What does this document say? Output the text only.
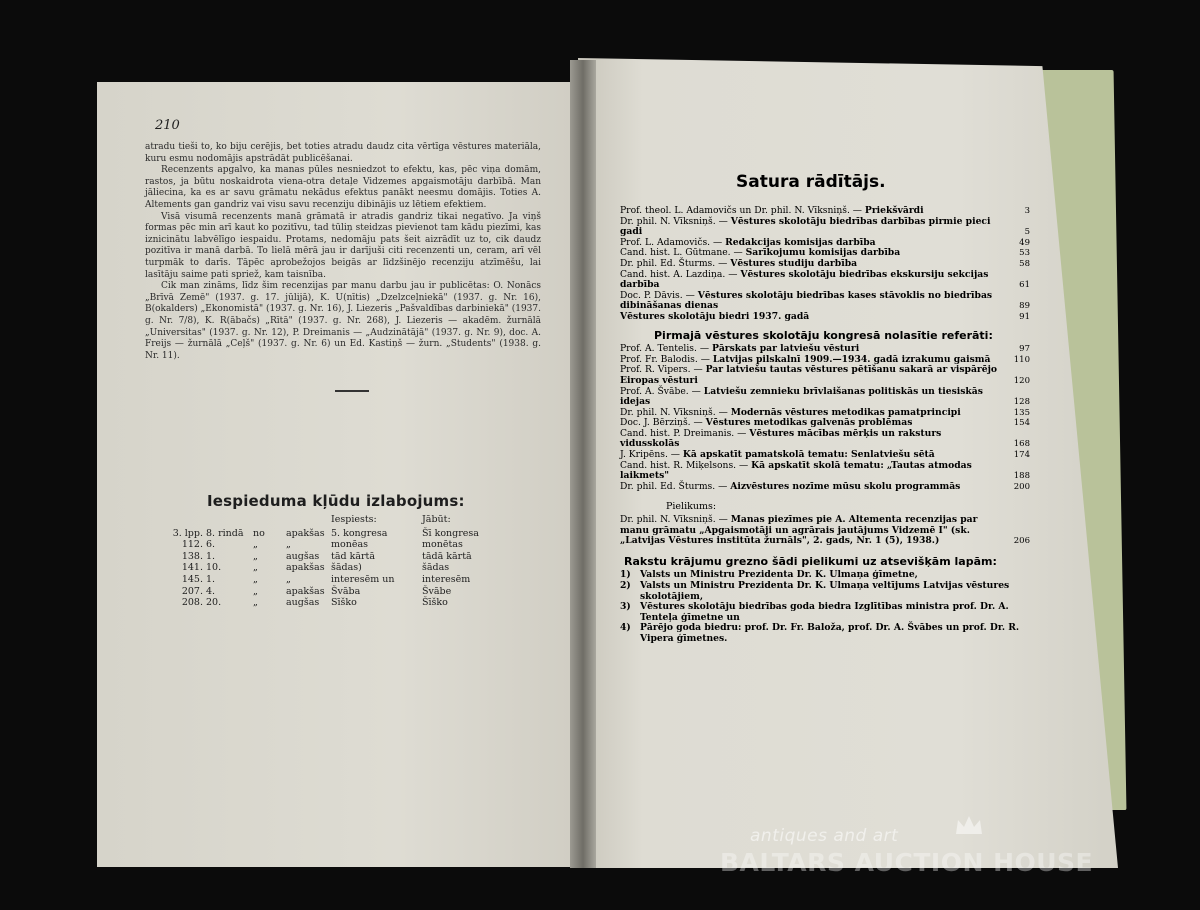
210

atradu tieši to, ko biju cerējis, bet toties atradu daudz cita vērtīga vēstures materiāla, kuru esmu nodomājis apstrādāt publicēšanai.

Recenzents apgalvo, ka manas pūles nesniedzot to efektu, kas, pēc viņa domām, rastos, ja būtu noskaidrota viena-otra detaļe Vidzemes apgaismotāju darbībā. Man jāliecina, ka es ar savu grāmatu nekādus efektus panākt neesmu domājis. Toties A. Altements gan gandriz vai visu savu recenziju dibinājis uz lētiem efektiem.

Visā visumā recenzents manā grāmatā ir atradis gandriz tikai negatīvo. Ja viņš formas pēc min arī kaut ko pozitīvu, tad tūliņ steidzas pievienot tam kādu piezīmi, kas iznicinātu labvēlīgo iespaidu. Protams, nedomāju pats šeit aizrādīt uz to, cik daudz pozitīva ir manā darbā. To lielā mērā jau ir darījuši citi recenzenti un, ceram, arī vēl turpmāk to darīs. Tāpēc aprobežojos beigās ar līdzšinējo recenziju atzīmēšu, lai lasītāju saime pati spriež, kam taisnība.

Cik man zināms, līdz šim recenzijas par manu darbu jau ir publicētas: O. Nonācs „Brīvā Zemē" (1937. g. 17. jūlijā), K. U(nītis) „Dzelzceļniekā" (1937. g. Nr. 16), B(okalders) „Ekonomistā" (1937. g. Nr. 16), J. Liezeris „Pašvaldības darbiniekā" (1937. g. Nr. 7/8), K. R(ābačs) „Rītā" (1937. g. Nr. 268), J. Liezeris — akadēm. žurnālā „Universitas" (1937. g. Nr. 12), P. Dreimanis — „Audzinātājā" (1937. g. Nr. 9), doc. A. Freijs — žurnālā „Ceļš" (1937. g. Nr. 6) un Ed. Kastiņš — žurn. „Students" (1938. g. Nr. 11).

Iespieduma kļūdu izlabojums:
				Iespiests:	Jābūt:
3. lpp.	8. rindā	no	apakšas	5. kongresa	Šī kongresa
112.	6.	„	„	monēas	monētas
138.	1.	„	augšas	tād kārtā	tādā kārtā
141.	10.	„	apakšas	šādas)	šādas
145.	1.	„	„	interesēm un	interesēm
207.	4.	„	apakšas	Švāba	Švābe
208.	20.	„	augšas	Sīško	Šīško
Satura rādītājs.
Prof. theol. L. Adamovičs un Dr. phil. N. Vīksniņš. — Priekšvārdi	3
Dr. phil. N. Vīksniņš. — Vēstures skolotāju biedrības darbības pirmie pieci gadi	5
Prof. L. Adamovičs. — Redakcijas komisijas darbība	49
Cand. hist. L. Gūtmane. — Sarīkojumu komisijas darbība	53
Dr. phil. Ed. Šturms. — Vēstures studiju darbība	58
Cand. hist. A. Lazdiņa. — Vēstures skolotāju biedrības ekskursiju sekcijas darbība	61
Doc. P. Dāvis. — Vēstures skolotāju biedrības kases stāvoklis no biedrības dibināšanas dienas	89
Vēstures skolotāju biedri 1937. gadā	91
Pirmajā vēstures skolotāju kongresā nolasītie referāti:
Prof. A. Tentelis. — Pārskats par latviešu vēsturi	97
Prof. Fr. Balodis. — Latvijas pilskalnī 1909.—1934. gadā izrakumu gaismā	110
Prof. R. Vipers. — Par latviešu tautas vēstures pētīšanu sakarā ar vispārējo Eiropas vēsturi	120
Prof. A. Švābe. — Latviešu zemnieku brīvlaišanas politiskās un tiesiskās idejas	128
Dr. phil. N. Vīksniņš. — Modernās vēstures metodikas pamatprincipi	135
Doc. J. Bērziņš. — Vēstures metodikas galvenās problēmas	154
Cand. hist. P. Dreimanis. — Vēstures mācības mērķis un raksturs vidusskolās	168
J. Kripēns. — Kā apskatīt pamatskolā tematu: Senlatviešu sētā	174
Cand. hist. R. Miķelsons. — Kā apskatīt skolā tematu: „Tautas atmodas laikmets"	188
Dr. phil. Ed. Šturms. — Aizvēstures nozīme mūsu skolu programmās	200
Pielikums:
Dr. phil. N. Vīksniņš. — Manas piezīmes pie A. Altementa recenzijas par manu grāmatu „Apgaismotāji un agrārais jautājums Vidzemē I" (sk. „Latvijas Vēstures institūta žurnāls", 2. gads, Nr. 1 (5), 1938.)	206
Rakstu krājumu grezno šādi pielikumi uz atsevišķām lapām:
1) Valsts un Ministru Prezidenta Dr. K. Ulmaņa ģīmetne,
2) Valsts un Ministru Prezidenta Dr. K. Ulmaņa veltījums Latvijas vēstures skolotājiem,
3) Vēstures skolotāju biedrības goda biedra Izglītības ministra prof. Dr. A. Tenteļa ģīmetne un
4) Pārējo goda biedru: prof. Dr. Fr. Baloža, prof. Dr. A. Švābes un prof. Dr. R. Vipera ģīmetnes.
antiques and art
BALTARS AUCTION HOUSE
